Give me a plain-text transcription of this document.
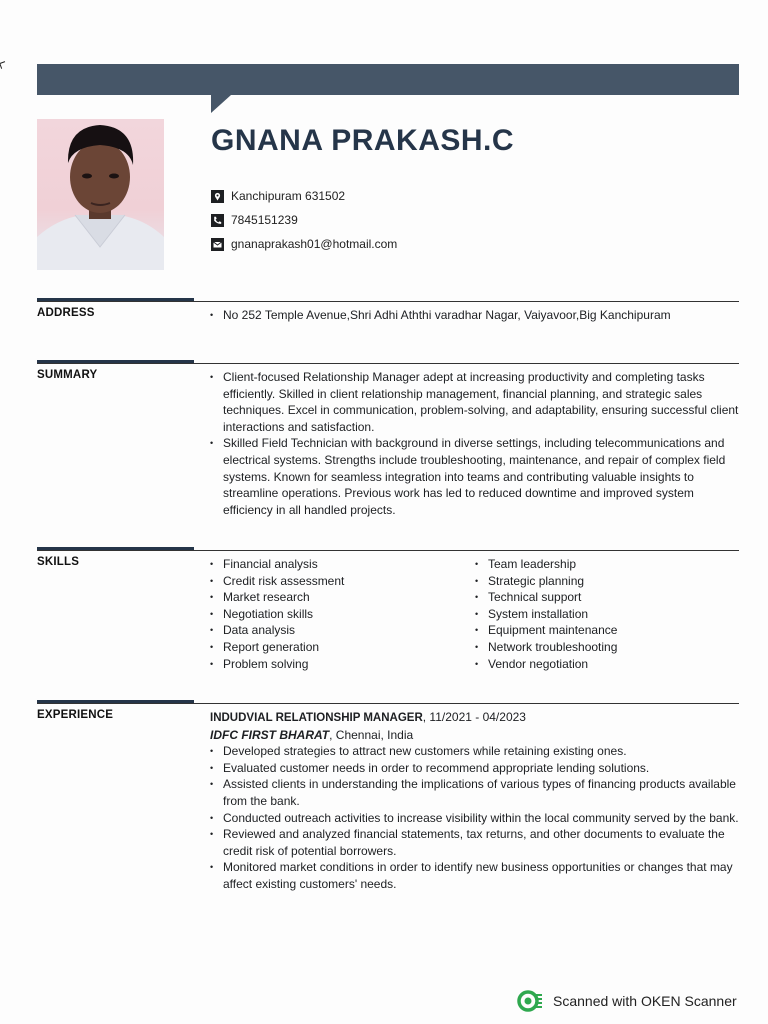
GNANA PRAKASH.C
Kanchipuram 631502
7845151239
gnanaprakash01@hotmail.com
ADDRESS	• No 252 Temple Avenue,Shri Adhi Aththi varadhar Nagar, Vaiyavoor,Big Kanchipuram
SUMMARY	• Client-focused Relationship Manager adept at increasing productivity and completing tasks efficiently. Skilled in client relationship management, financial planning, and strategic sales techniques. Excel in communication, problem-solving, and adaptability, ensuring successful client interactions and satisfaction.
• Skilled Field Technician with background in diverse settings, including telecommunications and electrical systems. Strengths include troubleshooting, maintenance, and repair of complex field systems. Known for seamless integration into teams and contributing valuable insights to streamline operations. Previous work has led to reduced downtime and improved system efficiency in all handled projects.
SKILLS	• Financial analysis
• Credit risk assessment
• Market research
• Negotiation skills
• Data analysis
• Report generation
• Problem solving
• Team leadership
• Strategic planning
• Technical support
• System installation
• Equipment maintenance
• Network troubleshooting
• Vendor negotiation
EXPERIENCE	INDUDVIAL RELATIONSHIP MANAGER, 11/2021 - 04/2023
IDFC FIRST BHARAT, Chennai, India
• Developed strategies to attract new customers while retaining existing ones.
• Evaluated customer needs in order to recommend appropriate lending solutions.
• Assisted clients in understanding the implications of various types of financing products available from the bank.
• Conducted outreach activities to increase visibility within the local community served by the bank.
• Reviewed and analyzed financial statements, tax returns, and other documents to evaluate the credit risk of potential borrowers.
• Monitored market conditions in order to identify new business opportunities or changes that may affect existing customers' needs.
Scanned with OKEN Scanner
